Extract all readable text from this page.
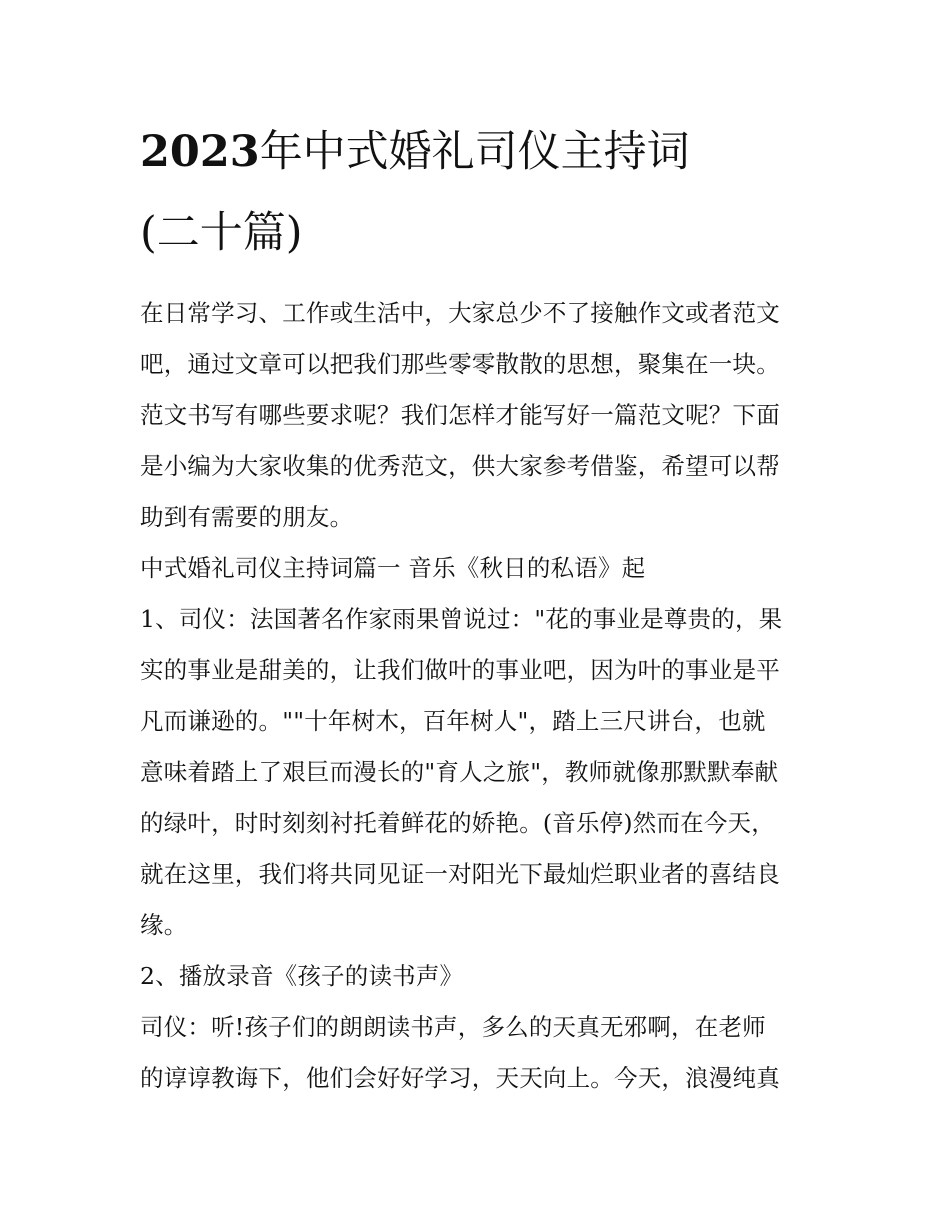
2023年中式婚礼司仪主持词
(二十篇)

在日常学习、工作或生活中，大家总少不了接触作文或者范文

吧，通过文章可以把我们那些零零散散的思想，聚集在一块。

范文书写有哪些要求呢？我们怎样才能写好一篇范文呢？下面

是小编为大家收集的优秀范文，供大家参考借鉴，希望可以帮

助到有需要的朋友。

中式婚礼司仪主持词篇一 音乐《秋日的私语》起

1、司仪：法国著名作家雨果曾说过："花的事业是尊贵的，果

实的事业是甜美的，让我们做叶的事业吧，因为叶的事业是平

凡而谦逊的。""十年树木，百年树人"，踏上三尺讲台，也就

意味着踏上了艰巨而漫长的"育人之旅"，教师就像那默默奉献

的绿叶，时时刻刻衬托着鲜花的娇艳。(音乐停)然而在今天，

就在这里，我们将共同见证一对阳光下最灿烂职业者的喜结良

缘。

2、播放录音《孩子的读书声》

司仪：听!孩子们的朗朗读书声，多么的天真无邪啊，在老师

的谆谆教诲下，他们会好好学习，天天向上。今天，浪漫纯真
